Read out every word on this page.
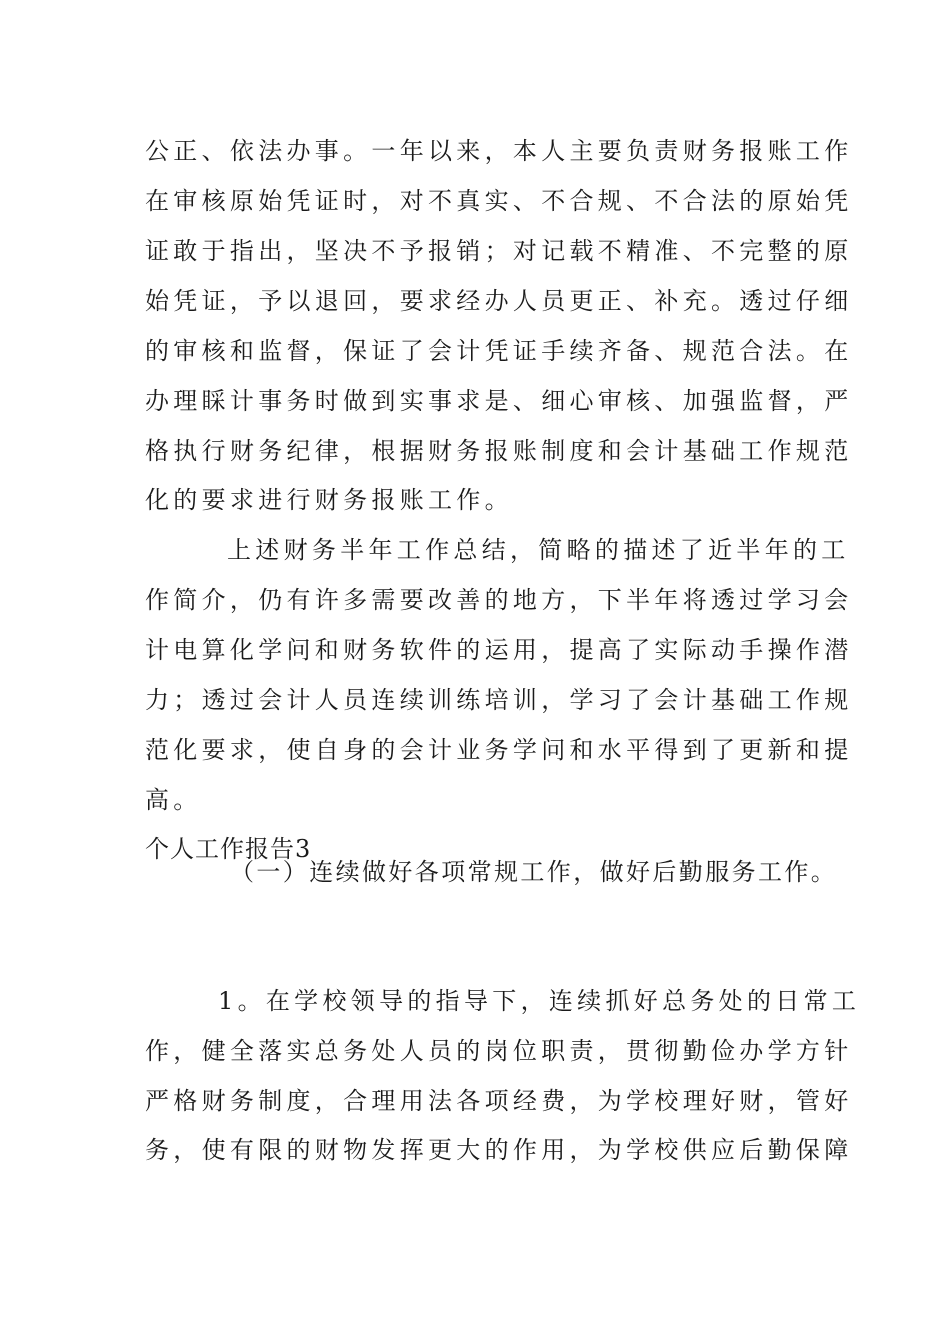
公正、依法办事。一年以来，本人主要负责财务报账工作
在审核原始凭证时，对不真实、不合规、不合法的原始凭
证敢于指出，坚决不予报销；对记载不精准、不完整的原
始凭证，予以退回，要求经办人员更正、补充。透过仔细
的审核和监督，保证了会计凭证手续齐备、规范合法。在
办理睬计事务时做到实事求是、细心审核、加强监督，严
格执行财务纪律，根据财务报账制度和会计基础工作规范
化的要求进行财务报账工作。
上述财务半年工作总结，简略的描述了近半年的工
作简介，仍有许多需要改善的地方，下半年将透过学习会
计电算化学问和财务软件的运用，提高了实际动手操作潜
力；透过会计人员连续训练培训，学习了会计基础工作规
范化要求，使自身的会计业务学问和水平得到了更新和提
高。
个人工作报告3
（一）连续做好各项常规工作，做好后勤服务工作。
1。在学校领导的指导下，连续抓好总务处的日常工
作，健全落实总务处人员的岗位职责，贯彻勤俭办学方针
严格财务制度，合理用法各项经费，为学校理好财，管好
务，使有限的财物发挥更大的作用，为学校供应后勤保障
